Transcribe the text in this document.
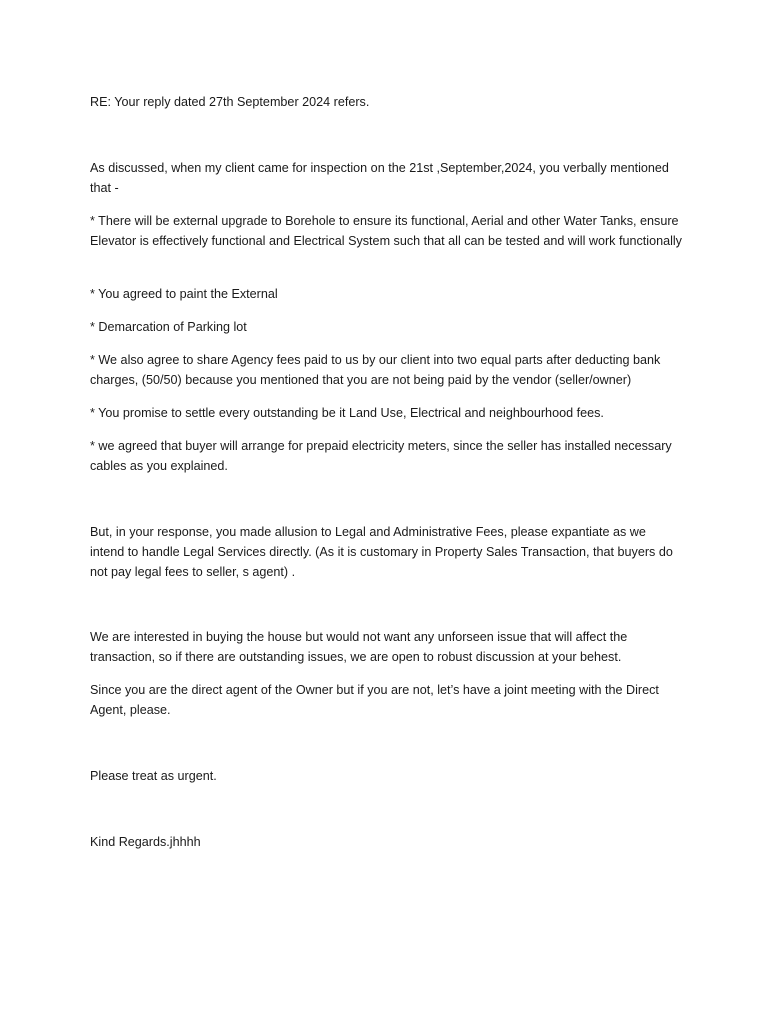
RE: Your reply dated 27th September 2024 refers.

As discussed, when my client came for inspection on the 21st ,September,2024, you verbally mentioned that -

* There will be external upgrade to Borehole to ensure its functional, Aerial and other Water Tanks, ensure Elevator is effectively functional and Electrical System such that all can be tested and will work functionally

* You agreed to paint the External

* Demarcation of Parking lot

* We also agree to share Agency fees paid to us by our client into two equal parts after deducting bank charges, (50/50) because you mentioned that you are not being paid by the vendor (seller/owner)

* You promise to settle every outstanding be it Land Use, Electrical and neighbourhood fees.

* we agreed that buyer will arrange for prepaid electricity meters, since the seller has installed necessary cables as you explained.

But, in your response, you made allusion to Legal and Administrative Fees, please expantiate as we intend to handle Legal Services directly. (As it is customary in Property Sales Transaction, that buyers do not pay legal fees to seller, s agent) .

We are interested in buying the house but would not want any unforseen issue that will affect the transaction, so if there are outstanding issues, we are open to robust discussion at your behest.

Since you are the direct agent of the Owner but if you are not, let’s have a joint meeting with the Direct Agent, please.

Please treat as urgent.

Kind Regards.jhhhh
